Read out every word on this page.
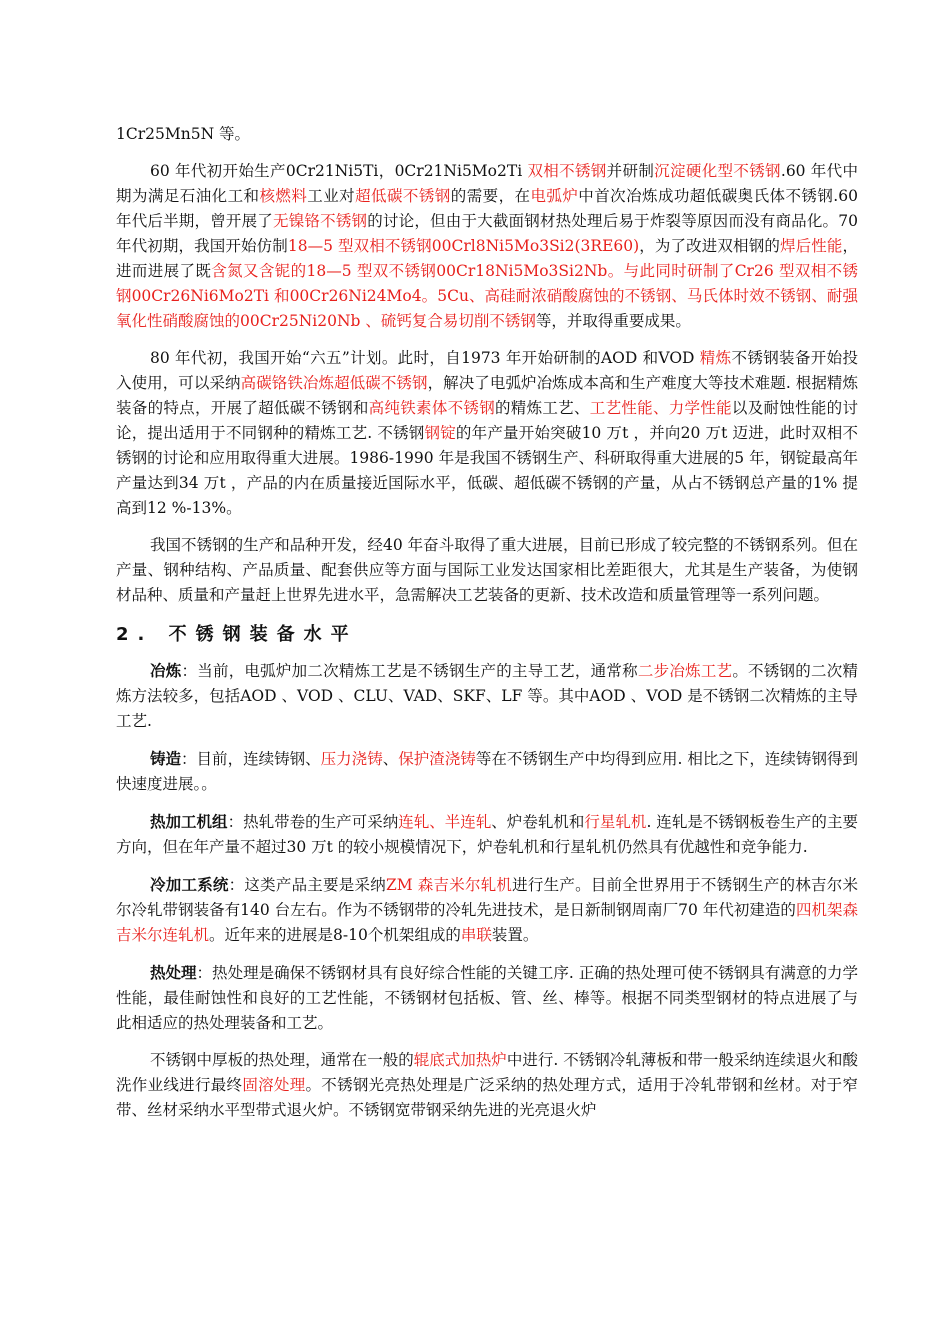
1Cr25Mn5N 等。

60 年代初开始生产0Cr21Ni5Ti，0Cr21Ni5Mo2Ti 双相不锈钢并研制沉淀硬化型不锈钢.60 年代中期为满足石油化工和核燃料工业对超低碳不锈钢的需要，在电弧炉中首次冶炼成功超低碳奥氏体不锈钢.60 年代后半期，曾开展了无镍铬不锈钢的讨论，但由于大截面钢材热处理后易于炸裂等原因而没有商品化。70 年代初期，我国开始仿制18—5 型双相不锈钢00Crl8Ni5Mo3Si2(3RE60)，为了改进双相钢的焊后性能，进而进展了既含氮又含铌的18—5 型双不锈钢00Cr18Ni5Mo3Si2Nb。与此同时研制了Cr26 型双相不锈钢00Cr26Ni6Mo2Ti 和00Cr26Ni24Mo4。5Cu、高硅耐浓硝酸腐蚀的不锈钢、马氏体时效不锈钢、耐强氧化性硝酸腐蚀的00Cr25Ni20Nb 、硫钙复合易切削不锈钢等，并取得重要成果。

80 年代初，我国开始“六五”计划。此时，自1973 年开始研制的AOD 和VOD 精炼不锈钢装备开始投入使用，可以采纳高碳铬铁冶炼超低碳不锈钢，解决了电弧炉冶炼成本高和生产难度大等技术难题. 根据精炼装备的特点，开展了超低碳不锈钢和高纯铁素体不锈钢的精炼工艺、工艺性能、力学性能以及耐蚀性能的讨论，提出适用于不同钢种的精炼工艺. 不锈钢钢锭的年产量开始突破10 万t ，并向20 万t 迈进，此时双相不锈钢的讨论和应用取得重大进展。1986-1990 年是我国不锈钢生产、科研取得重大进展的5 年，钢锭最高年产量达到34 万t ，产品的内在质量接近国际水平，低碳、超低碳不锈钢的产量，从占不锈钢总产量的1% 提高到12 %-13%。

我国不锈钢的生产和品种开发，经40 年奋斗取得了重大进展，目前已形成了较完整的不锈钢系列。但在产量、钢种结构、产品质量、配套供应等方面与国际工业发达国家相比差距很大，尤其是生产装备，为使钢材品种、质量和产量赶上世界先进水平，急需解决工艺装备的更新、技术改造和质量管理等一系列问题。

2. 不锈钢装备水平

冶炼：当前，电弧炉加二次精炼工艺是不锈钢生产的主导工艺，通常称二步冶炼工艺。不锈钢的二次精炼方法较多，包括AOD 、VOD 、CLU、VAD、SKF、LF 等。其中AOD 、VOD 是不锈钢二次精炼的主导工艺.

铸造：目前，连续铸钢、压力浇铸、保护渣浇铸等在不锈钢生产中均得到应用. 相比之下，连续铸钢得到快速度进展。。

热加工机组：热轧带卷的生产可采纳连轧、半连轧、炉卷轧机和行星轧机. 连轧是不锈钢板卷生产的主要方向，但在年产量不超过30 万t 的较小规模情况下，炉卷轧机和行星轧机仍然具有优越性和竞争能力.

冷加工系统：这类产品主要是采纳ZM 森吉米尔轧机进行生产。目前全世界用于不锈钢生产的林吉尔米尔冷轧带钢装备有140 台左右。作为不锈钢带的冷轧先进技术，是日新制钢周南厂70 年代初建造的四机架森吉米尔连轧机。近年来的进展是8-10个机架组成的串联装置。

热处理：热处理是确保不锈钢材具有良好综合性能的关键工序. 正确的热处理可使不锈钢具有满意的力学性能，最佳耐蚀性和良好的工艺性能，不锈钢材包括板、管、丝、棒等。根据不同类型钢材的特点进展了与此相适应的热处理装备和工艺。

不锈钢中厚板的热处理，通常在一般的辊底式加热炉中进行. 不锈钢冷轧薄板和带一般采纳连续退火和酸洗作业线进行最终固溶处理。不锈钢光亮热处理是广泛采纳的热处理方式，适用于冷轧带钢和丝材。对于窄带、丝材采纳水平型带式退火炉。不锈钢宽带钢采纳先进的光亮退火炉
